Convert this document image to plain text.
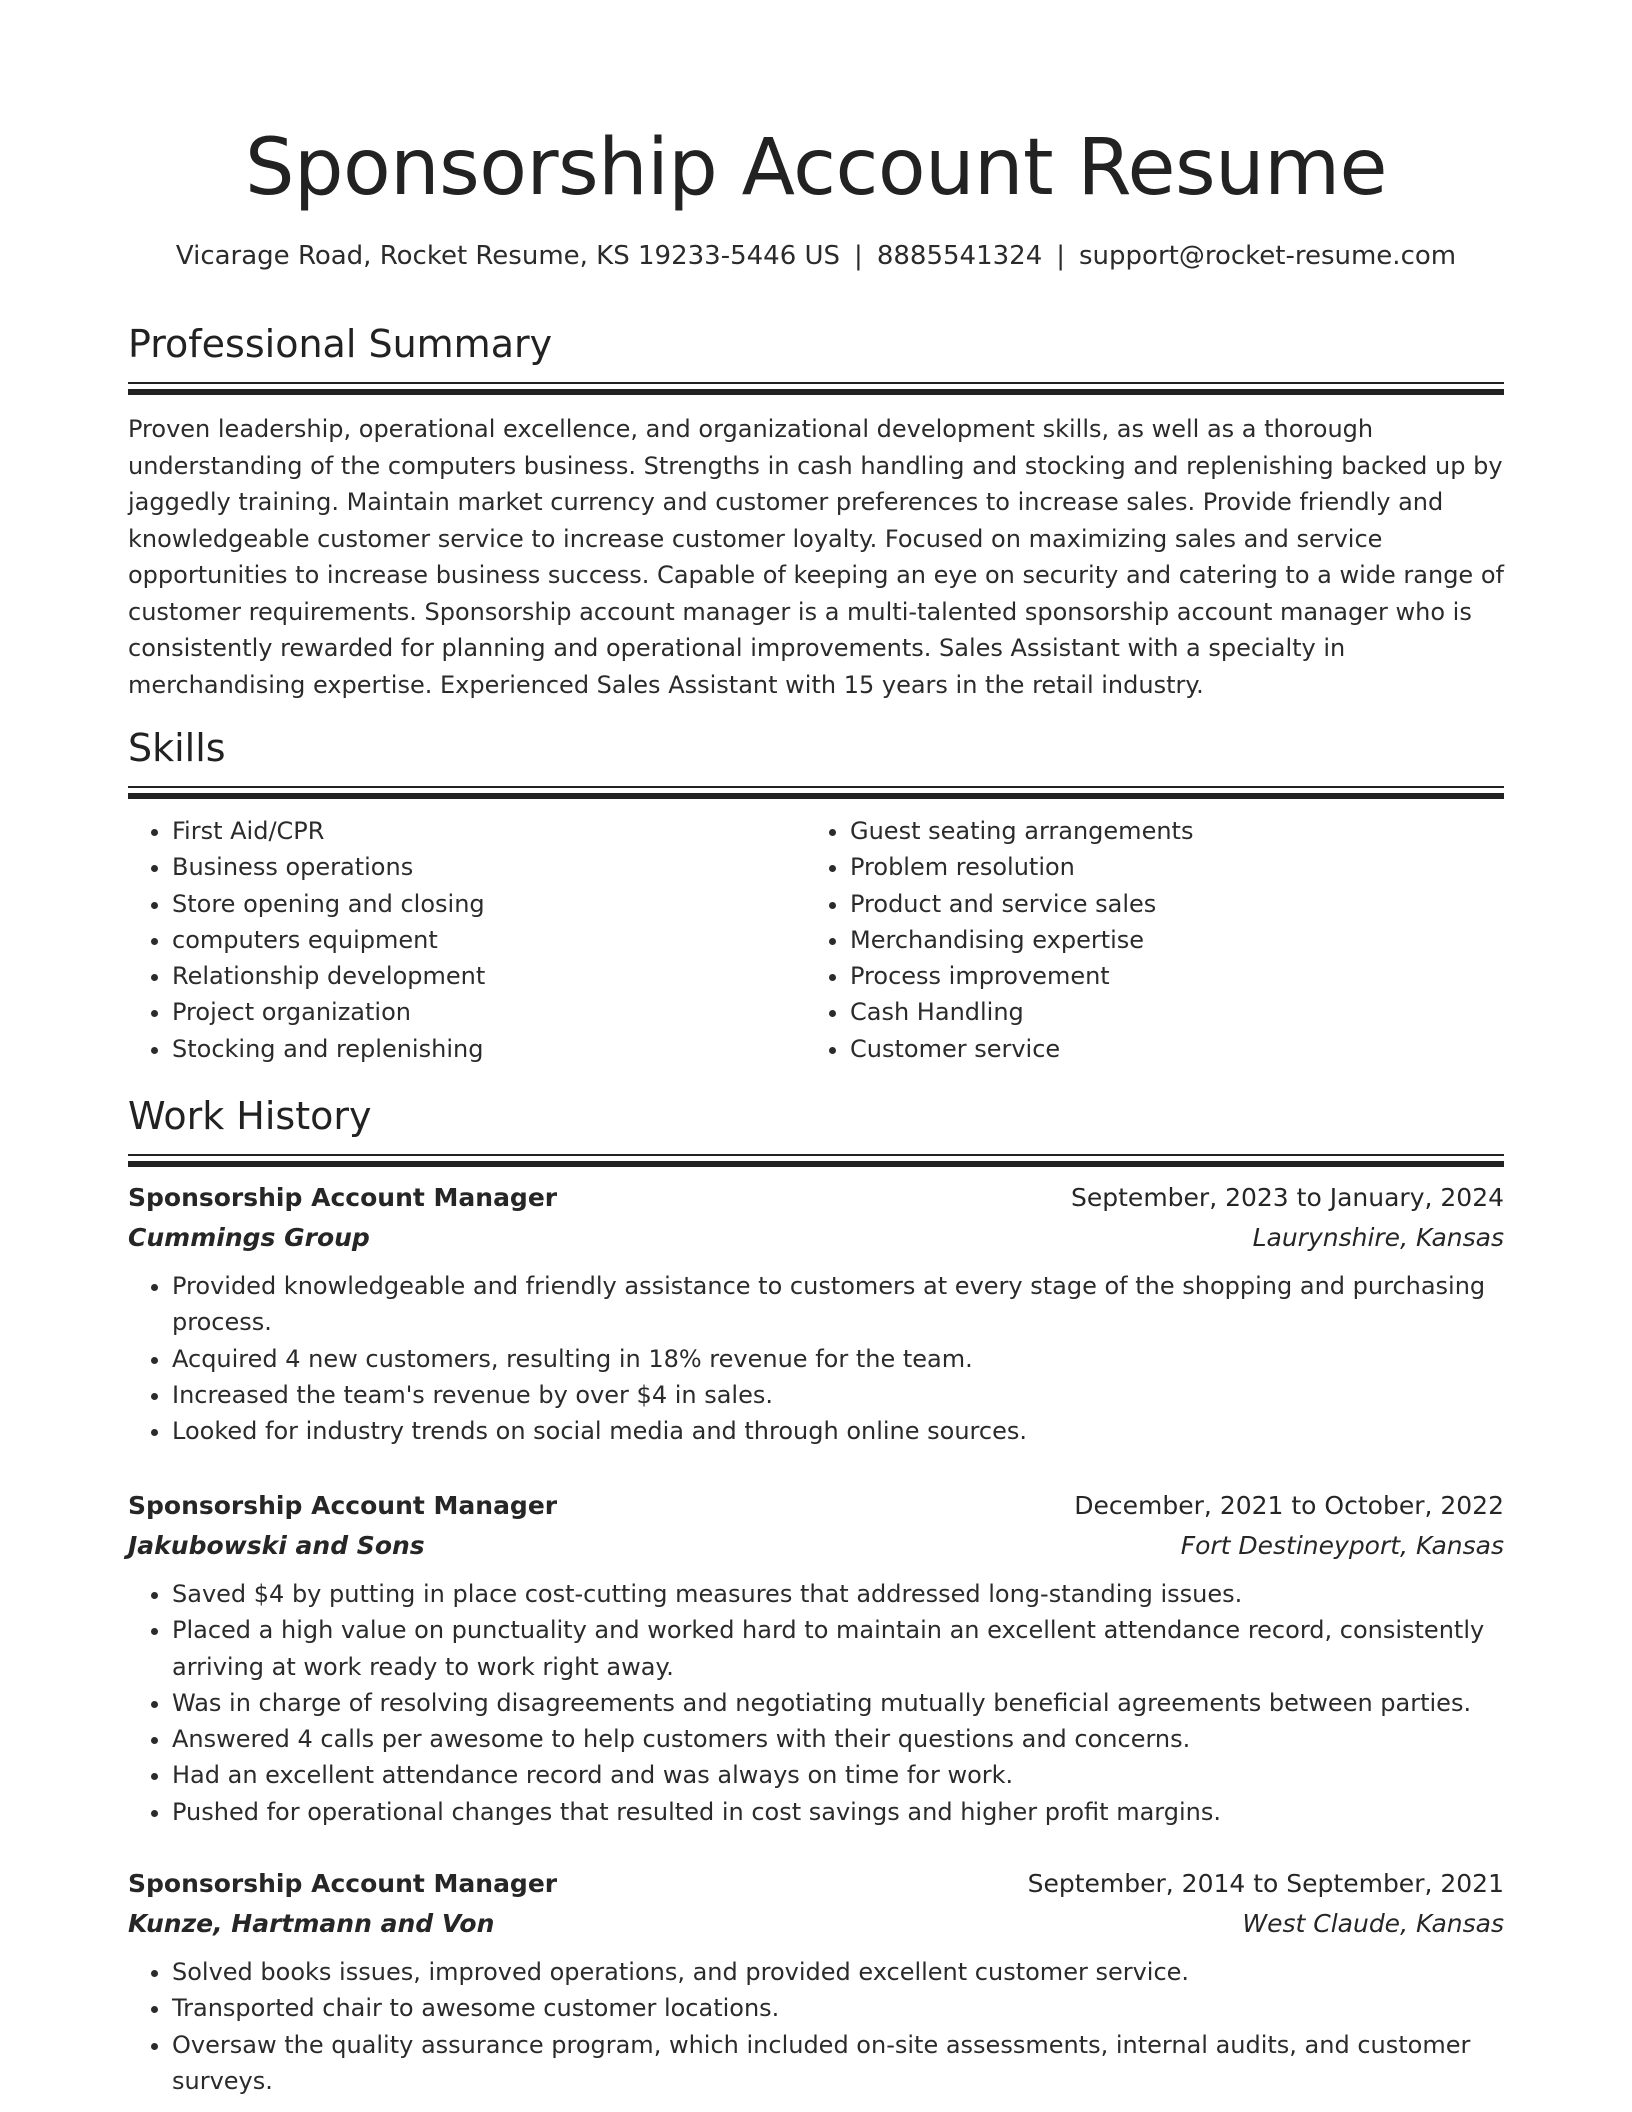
Sponsorship Account Resume
Vicarage Road, Rocket Resume, KS 19233-5446 US | 8885541324 | support@rocket-resume.com
Professional Summary

Proven leadership, operational excellence, and organizational development skills, as well as a thorough understanding of the computers business. Strengths in cash handling and stocking and replenishing backed up by jaggedly training. Maintain market currency and customer preferences to increase sales. Provide friendly and knowledgeable customer service to increase customer loyalty. Focused on maximizing sales and service opportunities to increase business success. Capable of keeping an eye on security and catering to a wide range of customer requirements. Sponsorship account manager is a multi-talented sponsorship account manager who is consistently rewarded for planning and operational improvements. Sales Assistant with a specialty in merchandising expertise. Experienced Sales Assistant with 15 years in the retail industry.

Skills
• First Aid/CPR
• Business operations
• Store opening and closing
• computers equipment
• Relationship development
• Project organization
• Stocking and replenishing
• Guest seating arrangements
• Problem resolution
• Product and service sales
• Merchandising expertise
• Process improvement
• Cash Handling
• Customer service
Work History
Sponsorship Account Manager	September, 2023 to January, 2024
Cummings Group	Laurynshire, Kansas
• Provided knowledgeable and friendly assistance to customers at every stage of the shopping and purchasing process.
• Acquired 4 new customers, resulting in 18% revenue for the team.
• Increased the team's revenue by over $4 in sales.
• Looked for industry trends on social media and through online sources.
Sponsorship Account Manager	December, 2021 to October, 2022
Jakubowski and Sons	Fort Destineyport, Kansas
• Saved $4 by putting in place cost-cutting measures that addressed long-standing issues.
• Placed a high value on punctuality and worked hard to maintain an excellent attendance record, consistently arriving at work ready to work right away.
• Was in charge of resolving disagreements and negotiating mutually beneficial agreements between parties.
• Answered 4 calls per awesome to help customers with their questions and concerns.
• Had an excellent attendance record and was always on time for work.
• Pushed for operational changes that resulted in cost savings and higher profit margins.
Sponsorship Account Manager	September, 2014 to September, 2021
Kunze, Hartmann and Von	West Claude, Kansas
• Solved books issues, improved operations, and provided excellent customer service.
• Transported chair to awesome customer locations.
• Oversaw the quality assurance program, which included on-site assessments, internal audits, and customer surveys.
